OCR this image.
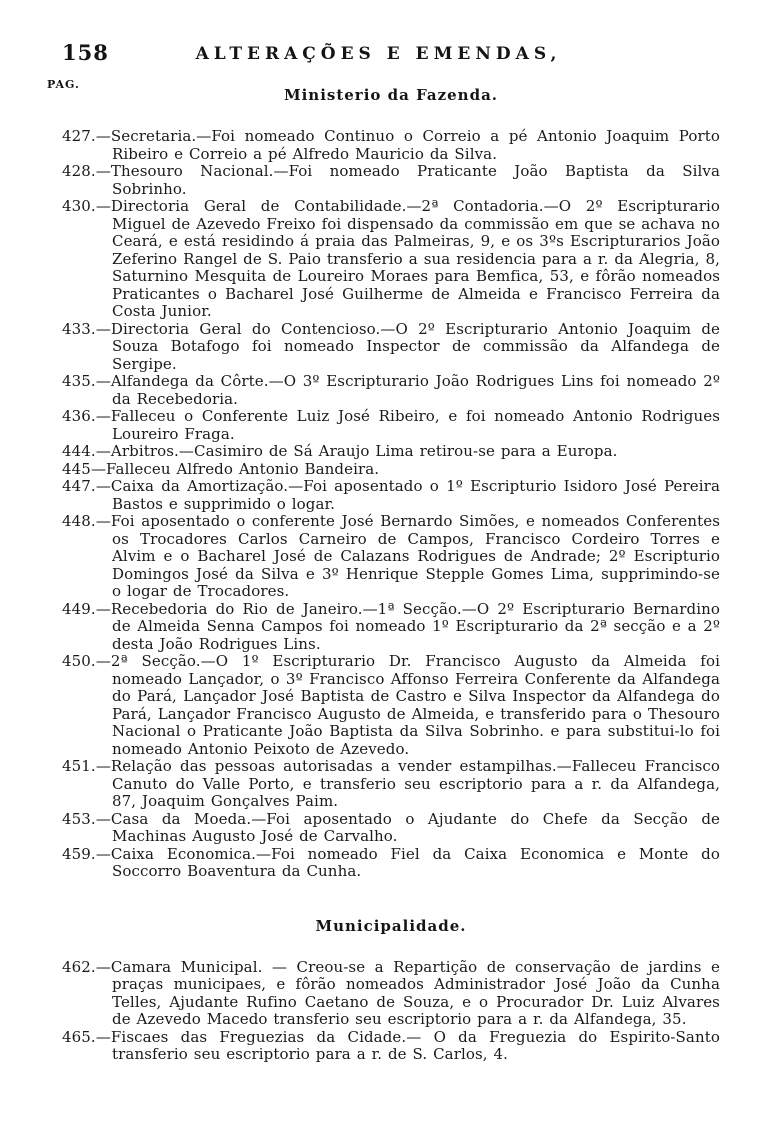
158
PAG.
ALTERAÇÕES E EMENDAS,
Ministerio da Fazenda.

427.—Secretaria.—Foi nomeado Continuo o Correio a pé Antonio Joaquim Porto Ribeiro e Correio a pé Alfredo Mauricio da Silva.

428.—Thesouro Nacional.—Foi nomeado Praticante João Baptista da Silva Sobrinho.

430.—Directoria Geral de Contabilidade.—2ª Contadoria.—O 2º Escripturario Miguel de Azevedo Freixo foi dispensado da commissão em que se achava no Ceará, e está residindo á praia das Palmeiras, 9, e os 3ºs Escripturarios João Zeferino Rangel de S. Paio transferio a sua residencia para a r. da Alegria, 8, Saturnino Mesquita de Loureiro Moraes para Bemfica, 53, e fôrão nomeados Praticantes o Bacharel José Guilherme de Almeida e Francisco Ferreira da Costa Junior.

433.—Directoria Geral do Contencioso.—O 2º Escripturario Antonio Joaquim de Souza Botafogo foi nomeado Inspector de commissão da Alfandega de Sergipe.

435.—Alfandega da Côrte.—O 3º Escripturario João Rodrigues Lins foi nomeado 2º da Recebedoria.

436.—Falleceu o Conferente Luiz José Ribeiro, e foi nomeado Antonio Rodrigues Loureiro Fraga.

444.—Arbitros.—Casimiro de Sá Araujo Lima retirou-se para a Europa.

445—Falleceu Alfredo Antonio Bandeira.

447.—Caixa da Amortização.—Foi aposentado o 1º Escripturio Isidoro José Pereira Bastos e supprimido o logar.

448.—Foi aposentado o conferente José Bernardo Simões, e nomeados Conferentes os Trocadores Carlos Carneiro de Campos, Francisco Cordeiro Torres e Alvim e o Bacharel José de Calazans Rodrigues de Andrade; 2º Escripturio Domingos José da Silva e 3º Henrique Stepple Gomes Lima, supprimindo-se o logar de Trocadores.

449.—Recebedoria do Rio de Janeiro.—1ª Secção.—O 2º Escripturario Bernardino de Almeida Senna Campos foi nomeado 1º Escripturario da 2ª secção e a 2º desta João Rodrigues Lins.

450.—2ª Secção.—O 1º Escripturario Dr. Francisco Augusto da Almeida foi nomeado Lançador, o 3º Francisco Affonso Ferreira Conferente da Alfandega do Pará, Lançador José Baptista de Castro e Silva Inspector da Alfandega do Pará, Lançador Francisco Augusto de Almeida, e transferido para o Thesouro Nacional o Praticante João Baptista da Silva Sobrinho. e para substitui-lo foi nomeado Antonio Peixoto de Azevedo.

451.—Relação das pessoas autorisadas a vender estampilhas.—Falleceu Francisco Canuto do Valle Porto, e transferio seu escriptorio para a r. da Alfandega, 87, Joaquim Gonçalves Paim.

453.—Casa da Moeda.—Foi aposentado o Ajudante do Chefe da Secção de Machinas Augusto José de Carvalho.

459.—Caixa Economica.—Foi nomeado Fiel da Caixa Economica e Monte do Soccorro Boaventura da Cunha.

Municipalidade.

462.—Camara Municipal. — Creou-se a Repartição de conservação de jardins e praças municipaes, e fôrão nomeados Administrador José João da Cunha Telles, Ajudante Rufino Caetano de Souza, e o Procurador Dr. Luiz Alvares de Azevedo Macedo transferio seu escriptorio para a r. da Alfandega, 35.

465.—Fiscaes das Freguezias da Cidade.— O da Freguezia do Espirito-Santo transferio seu escriptorio para a r. de S. Carlos, 4.
